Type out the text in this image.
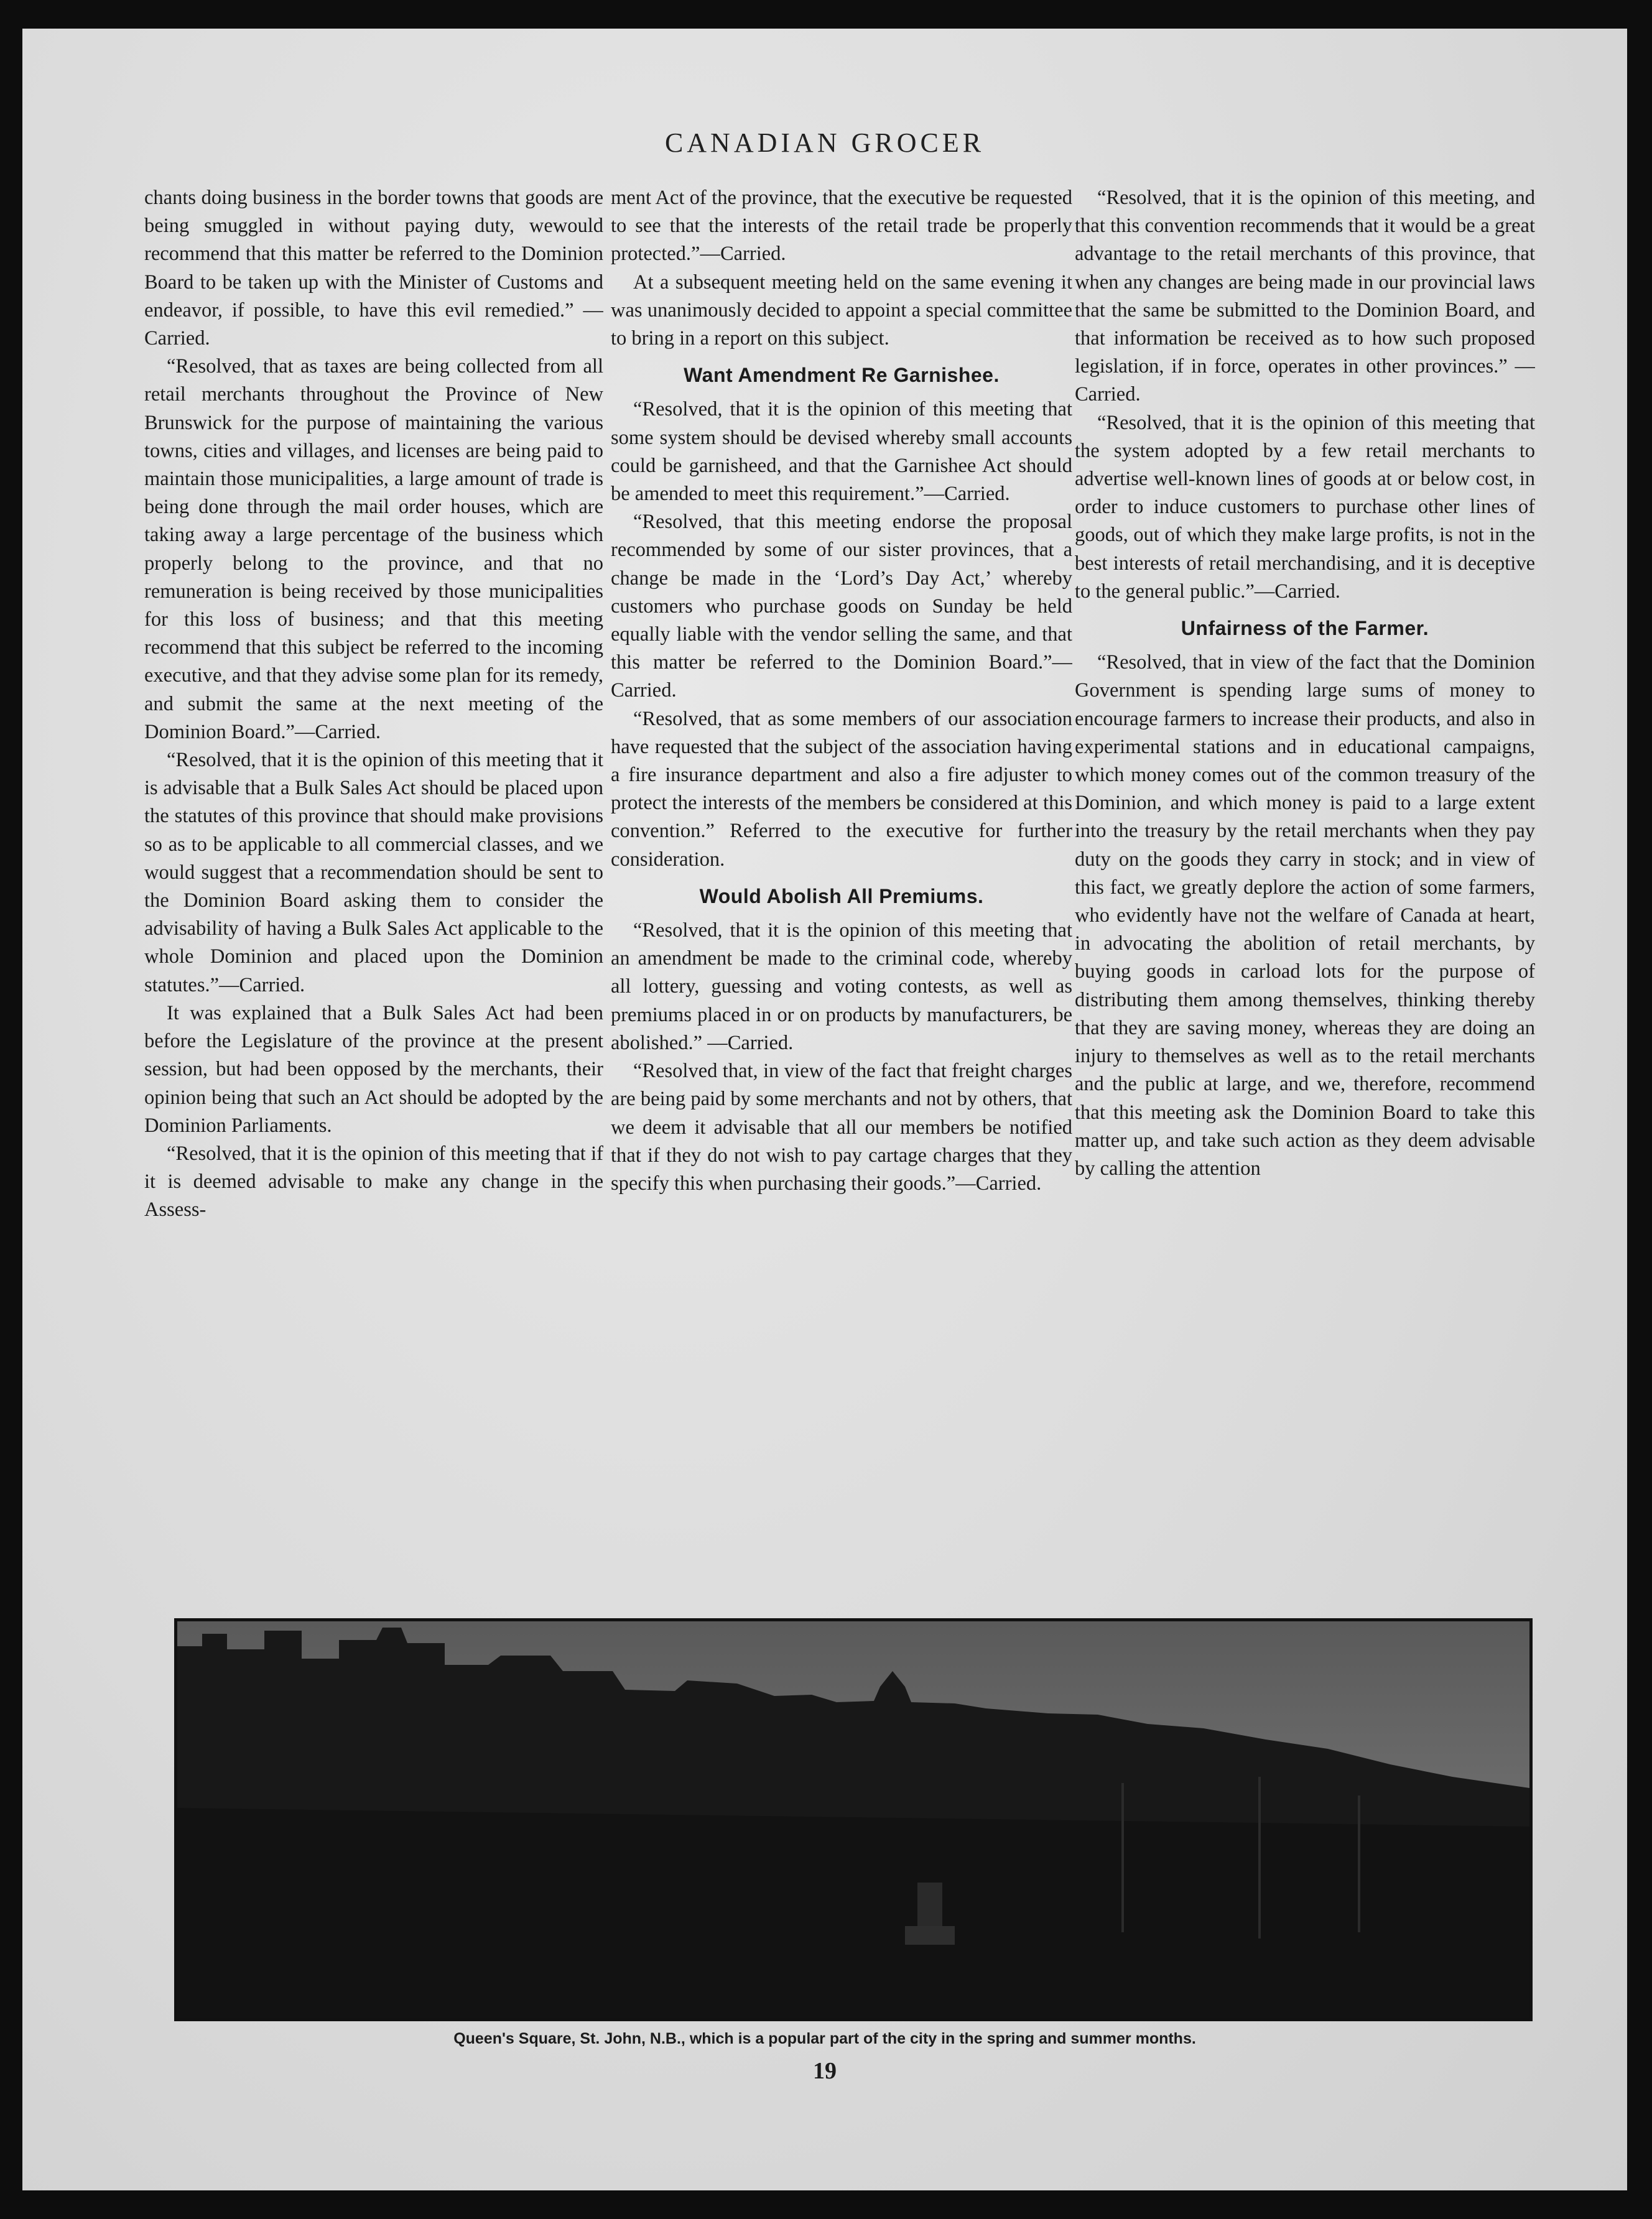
CANADIAN GROCER

chants doing business in the border towns that goods are being smuggled in without paying duty, wewould recommend that this matter be referred to the Dominion Board to be taken up with the Minister of Customs and endeavor, if possible, to have this evil remedied.” —Carried.

“Resolved, that as taxes are being collected from all retail merchants throughout the Province of New Brunswick for the purpose of maintaining the various towns, cities and villages, and licenses are being paid to maintain those municipalities, a large amount of trade is being done through the mail order houses, which are taking away a large percentage of the business which properly belong to the province, and that no remuneration is being received by those municipalities for this loss of business; and that this meeting recommend that this subject be referred to the incoming executive, and that they advise some plan for its remedy, and submit the same at the next meeting of the Dominion Board.”—Carried.

“Resolved, that it is the opinion of this meeting that it is advisable that a Bulk Sales Act should be placed upon the statutes of this province that should make provisions so as to be applicable to all commercial classes, and we would suggest that a recommendation should be sent to the Dominion Board asking them to consider the advisability of having a Bulk Sales Act applicable to the whole Dominion and placed upon the Dominion statutes.”—Carried.

It was explained that a Bulk Sales Act had been before the Legislature of the province at the present session, but had been opposed by the merchants, their opinion being that such an Act should be adopted by the Dominion Parliaments.

“Resolved, that it is the opinion of this meeting that if it is deemed advisable to make any change in the Assess-

ment Act of the province, that the executive be requested to see that the interests of the retail trade be properly protected.”—Carried.

At a subsequent meeting held on the same evening it was unanimously decided to appoint a special committee to bring in a report on this subject.

Want Amendment Re Garnishee.

“Resolved, that it is the opinion of this meeting that some system should be devised whereby small accounts could be garnisheed, and that the Garnishee Act should be amended to meet this requirement.”—Carried.

“Resolved, that this meeting endorse the proposal recommended by some of our sister provinces, that a change be made in the ‘Lord’s Day Act,’ whereby customers who purchase goods on Sunday be held equally liable with the vendor selling the same, and that this matter be referred to the Dominion Board.”—Carried.

“Resolved, that as some members of our association have requested that the subject of the association having a fire insurance department and also a fire adjuster to protect the interests of the members be considered at this convention.” Referred to the executive for further consideration.

Would Abolish All Premiums.

“Resolved, that it is the opinion of this meeting that an amendment be made to the criminal code, whereby all lottery, guessing and voting contests, as well as premiums placed in or on products by manufacturers, be abolished.” —Carried.

“Resolved that, in view of the fact that freight charges are being paid by some merchants and not by others, that we deem it advisable that all our members be notified that if they do not wish to pay cartage charges that they specify this when purchasing their goods.”—Carried.

“Resolved, that it is the opinion of this meeting, and that this convention recommends that it would be a great advantage to the retail merchants of this province, that when any changes are being made in our provincial laws that the same be submitted to the Dominion Board, and that information be received as to how such proposed legislation, if in force, operates in other provinces.” —Carried.

“Resolved, that it is the opinion of this meeting that the system adopted by a few retail merchants to advertise well-known lines of goods at or below cost, in order to induce customers to purchase other lines of goods, out of which they make large profits, is not in the best interests of retail merchandising, and it is deceptive to the general public.”—Carried.

Unfairness of the Farmer.

“Resolved, that in view of the fact that the Dominion Government is spending large sums of money to encourage farmers to increase their products, and also in experimental stations and in educational campaigns, which money comes out of the common treasury of the Dominion, and which money is paid to a large extent into the treasury by the retail merchants when they pay duty on the goods they carry in stock; and in view of this fact, we greatly deplore the action of some farmers, who evidently have not the welfare of Canada at heart, in advocating the abolition of retail merchants, by buying goods in carload lots for the purpose of distributing them among themselves, thinking thereby that they are saving money, whereas they are doing an injury to themselves as well as to the retail merchants and the public at large, and we, therefore, recommend that this meeting ask the Dominion Board to take this matter up, and take such action as they deem advisable by calling the attention

Queen's Square, St. John, N.B., which is a popular part of the city in the spring and summer months.
19
